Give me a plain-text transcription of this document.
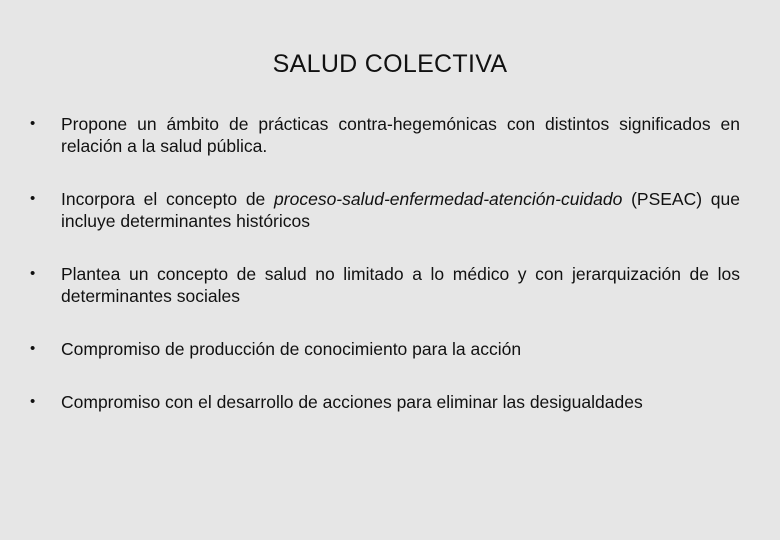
SALUD COLECTIVA
•	Propone un ámbito de prácticas contra-hegemónicas con distintos significados en relación a la salud pública.
•	Incorpora el concepto de proceso-salud-enfermedad-atención-cuidado (PSEAC) que incluye determinantes históricos
•	Plantea un concepto de salud no limitado a lo médico y con jerarquización de los determinantes sociales
•	Compromiso de producción de conocimiento para la acción
•	Compromiso con el desarrollo de acciones para eliminar las desigualdades
